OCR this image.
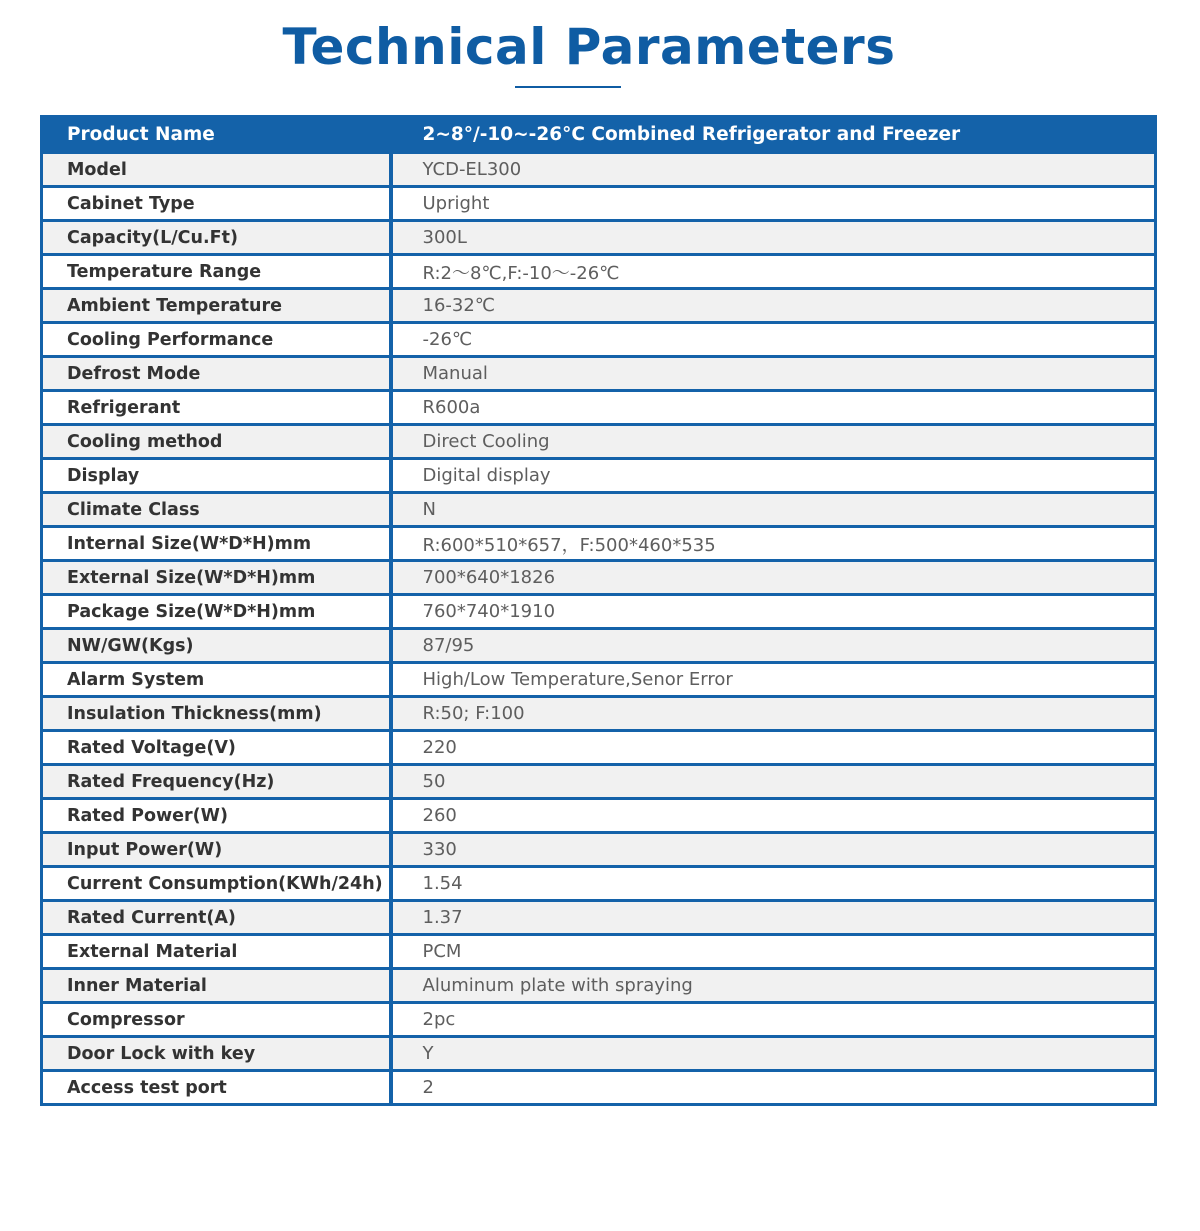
Technical Parameters
Product Name	2~8°/-10~-26°C Combined Refrigerator and Freezer
Model	YCD-EL300
Cabinet Type	Upright
Capacity(L/Cu.Ft)	300L
Temperature Range	R:2～8℃,F:-10～-26℃
Ambient Temperature	16-32℃
Cooling Performance	-26℃
Defrost Mode	Manual
Refrigerant	R600a
Cooling method	Direct Cooling
Display	Digital display
Climate Class	N
Internal Size(W*D*H)mm	R:600*510*657，F:500*460*535
External Size(W*D*H)mm	700*640*1826
Package Size(W*D*H)mm	760*740*1910
NW/GW(Kgs)	87/95
Alarm System	High/Low Temperature,Senor Error
Insulation Thickness(mm)	R:50; F:100
Rated Voltage(V)	220
Rated Frequency(Hz)	50
Rated Power(W)	260
Input Power(W)	330
Current Consumption(KWh/24h)	1.54
Rated Current(A)	1.37
External Material	PCM
Inner Material	Aluminum plate with spraying
Compressor	2pc
Door Lock with key	Y
Access test port	2
